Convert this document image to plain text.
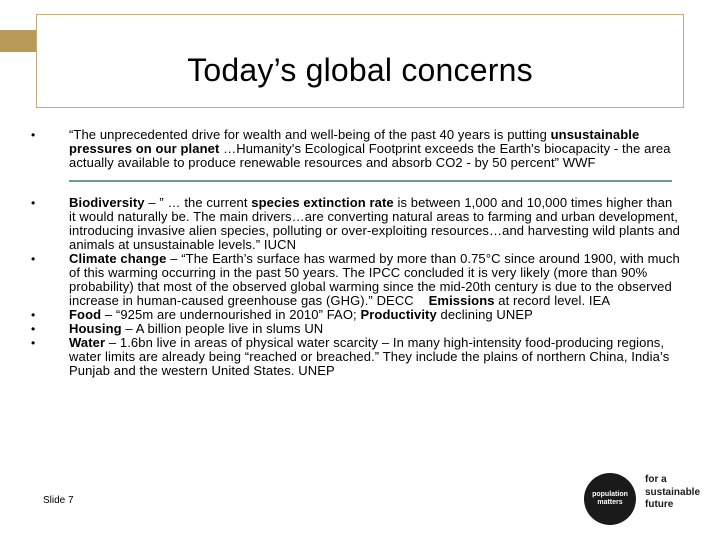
Today’s global concerns
•	“The unprecedented drive for wealth and well-being of the past 40 years is putting unsustainable pressures on our planet …Humanity's Ecological Footprint exceeds the Earth's biocapacity - the area actually available to produce renewable resources and absorb CO2 - by 50 percent” WWF
•	Biodiversity – ” … the current species extinction rate is between 1,000 and 10,000 times higher than it would naturally be. The main drivers…are converting natural areas to farming and urban development, introducing invasive alien species, polluting or over-exploiting resources…and harvesting wild plants and animals at unsustainable levels.” IUCN
•	Climate change – “The Earth’s surface has warmed by more than 0.75°C since around 1900, with much of this warming occurring in the past 50 years. The IPCC concluded it is very likely (more than 90% probability) that most of the observed global warming since the mid-20th century is due to the observed increase in human-caused greenhouse gas (GHG).” DECC    Emissions at record level. IEA
•	Food – “925m are undernourished in 2010” FAO; Productivity declining UNEP
•	Housing – A billion people live in slums UN
•	Water – 1.6bn live in areas of physical water scarcity – In many high-intensity food-producing regions, water limits are already being “reached or breached.” They include the plains of northern China, India’s Punjab and the western United States. UNEP
Slide 7
population
matters
for a
sustainable
future
